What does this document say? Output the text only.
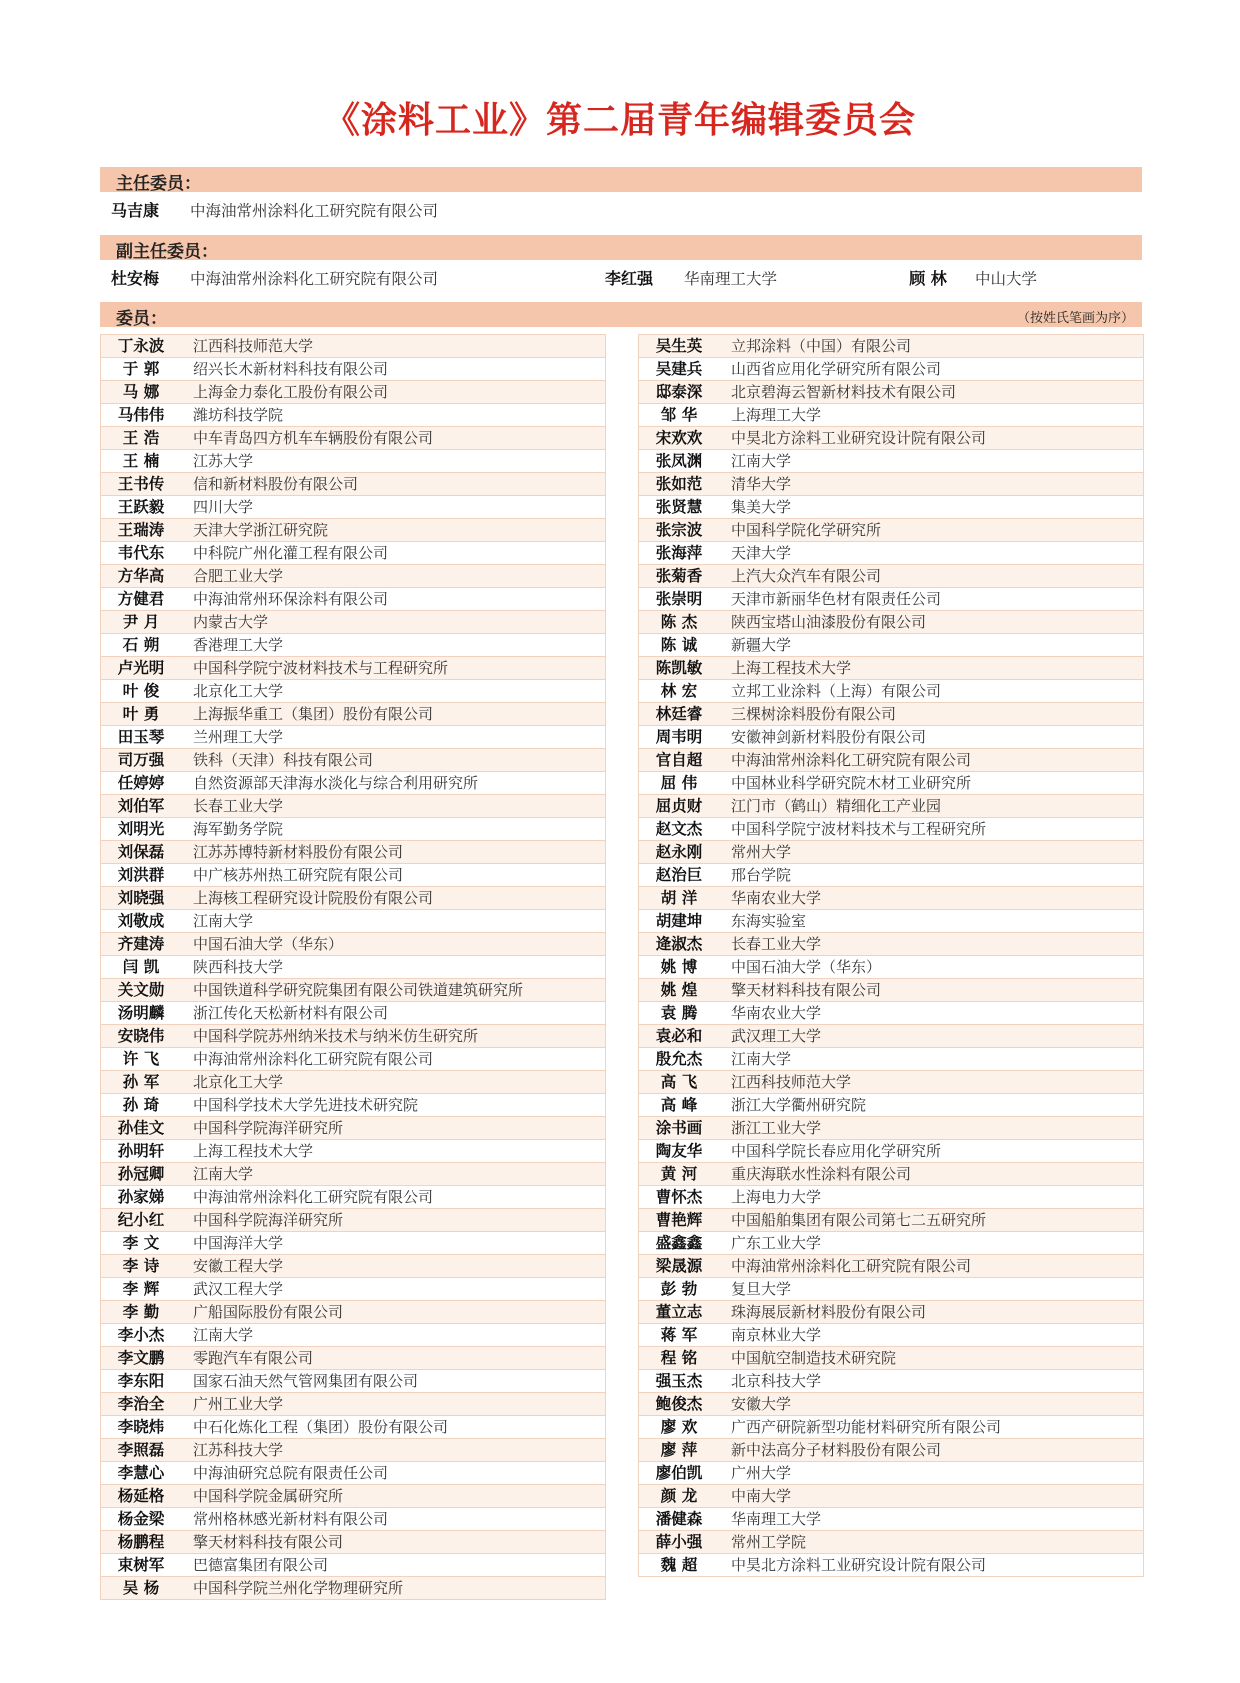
《涂料工业》第二届青年编辑委员会
主任委员：
马吉康	中海油常州涂料化工研究院有限公司
副主任委员：
杜安梅	中海油常州涂料化工研究院有限公司	李红强	华南理工大学	顾 林	中山大学
委员：	（按姓氏笔画为序）
丁永波	江西科技师范大学
于 郭	绍兴长木新材料科技有限公司
马 娜	上海金力泰化工股份有限公司
马伟伟	潍坊科技学院
王 浩	中车青岛四方机车车辆股份有限公司
王 楠	江苏大学
王书传	信和新材料股份有限公司
王跃毅	四川大学
王瑞涛	天津大学浙江研究院
韦代东	中科院广州化灌工程有限公司
方华高	合肥工业大学
方健君	中海油常州环保涂料有限公司
尹 月	内蒙古大学
石 朔	香港理工大学
卢光明	中国科学院宁波材料技术与工程研究所
叶 俊	北京化工大学
叶 勇	上海振华重工（集团）股份有限公司
田玉琴	兰州理工大学
司万强	铁科（天津）科技有限公司
任婷婷	自然资源部天津海水淡化与综合利用研究所
刘伯军	长春工业大学
刘明光	海军勤务学院
刘保磊	江苏苏博特新材料股份有限公司
刘洪群	中广核苏州热工研究院有限公司
刘晓强	上海核工程研究设计院股份有限公司
刘敬成	江南大学
齐建涛	中国石油大学（华东）
闫 凯	陕西科技大学
关文勋	中国铁道科学研究院集团有限公司铁道建筑研究所
汤明麟	浙江传化天松新材料有限公司
安晓伟	中国科学院苏州纳米技术与纳米仿生研究所
许 飞	中海油常州涂料化工研究院有限公司
孙 军	北京化工大学
孙 琦	中国科学技术大学先进技术研究院
孙佳文	中国科学院海洋研究所
孙明轩	上海工程技术大学
孙冠卿	江南大学
孙家娣	中海油常州涂料化工研究院有限公司
纪小红	中国科学院海洋研究所
李 文	中国海洋大学
李 诗	安徽工程大学
李 辉	武汉工程大学
李 勤	广船国际股份有限公司
李小杰	江南大学
李文鹏	零跑汽车有限公司
李东阳	国家石油天然气管网集团有限公司
李治全	广州工业大学
李晓炜	中石化炼化工程（集团）股份有限公司
李照磊	江苏科技大学
李慧心	中海油研究总院有限责任公司
杨延格	中国科学院金属研究所
杨金梁	常州格林感光新材料有限公司
杨鹏程	擎天材料科技有限公司
束树军	巴德富集团有限公司
吴 杨	中国科学院兰州化学物理研究所
吴生英	立邦涂料（中国）有限公司
吴建兵	山西省应用化学研究所有限公司
邸泰深	北京碧海云智新材料技术有限公司
邹 华	上海理工大学
宋欢欢	中昊北方涂料工业研究设计院有限公司
张凤渊	江南大学
张如范	清华大学
张贤慧	集美大学
张宗波	中国科学院化学研究所
张海萍	天津大学
张菊香	上汽大众汽车有限公司
张崇明	天津市新丽华色材有限责任公司
陈 杰	陕西宝塔山油漆股份有限公司
陈 诚	新疆大学
陈凯敏	上海工程技术大学
林 宏	立邦工业涂料（上海）有限公司
林廷睿	三棵树涂料股份有限公司
周韦明	安徽神剑新材料股份有限公司
官自超	中海油常州涂料化工研究院有限公司
屈 伟	中国林业科学研究院木材工业研究所
屈贞财	江门市（鹤山）精细化工产业园
赵文杰	中国科学院宁波材料技术与工程研究所
赵永刚	常州大学
赵治巨	邢台学院
胡 洋	华南农业大学
胡建坤	东海实验室
逄淑杰	长春工业大学
姚 博	中国石油大学（华东）
姚 煌	擎天材料科技有限公司
袁 腾	华南农业大学
袁必和	武汉理工大学
殷允杰	江南大学
高 飞	江西科技师范大学
高 峰	浙江大学衢州研究院
涂书画	浙江工业大学
陶友华	中国科学院长春应用化学研究所
黄 河	重庆海联水性涂料有限公司
曹怀杰	上海电力大学
曹艳辉	中国船舶集团有限公司第七二五研究所
盛鑫鑫	广东工业大学
梁晟源	中海油常州涂料化工研究院有限公司
彭 勃	复旦大学
董立志	珠海展辰新材料股份有限公司
蒋 军	南京林业大学
程 铭	中国航空制造技术研究院
强玉杰	北京科技大学
鲍俊杰	安徽大学
廖 欢	广西产研院新型功能材料研究所有限公司
廖 萍	新中法高分子材料股份有限公司
廖伯凯	广州大学
颜 龙	中南大学
潘健森	华南理工大学
薛小强	常州工学院
魏 超	中昊北方涂料工业研究设计院有限公司
